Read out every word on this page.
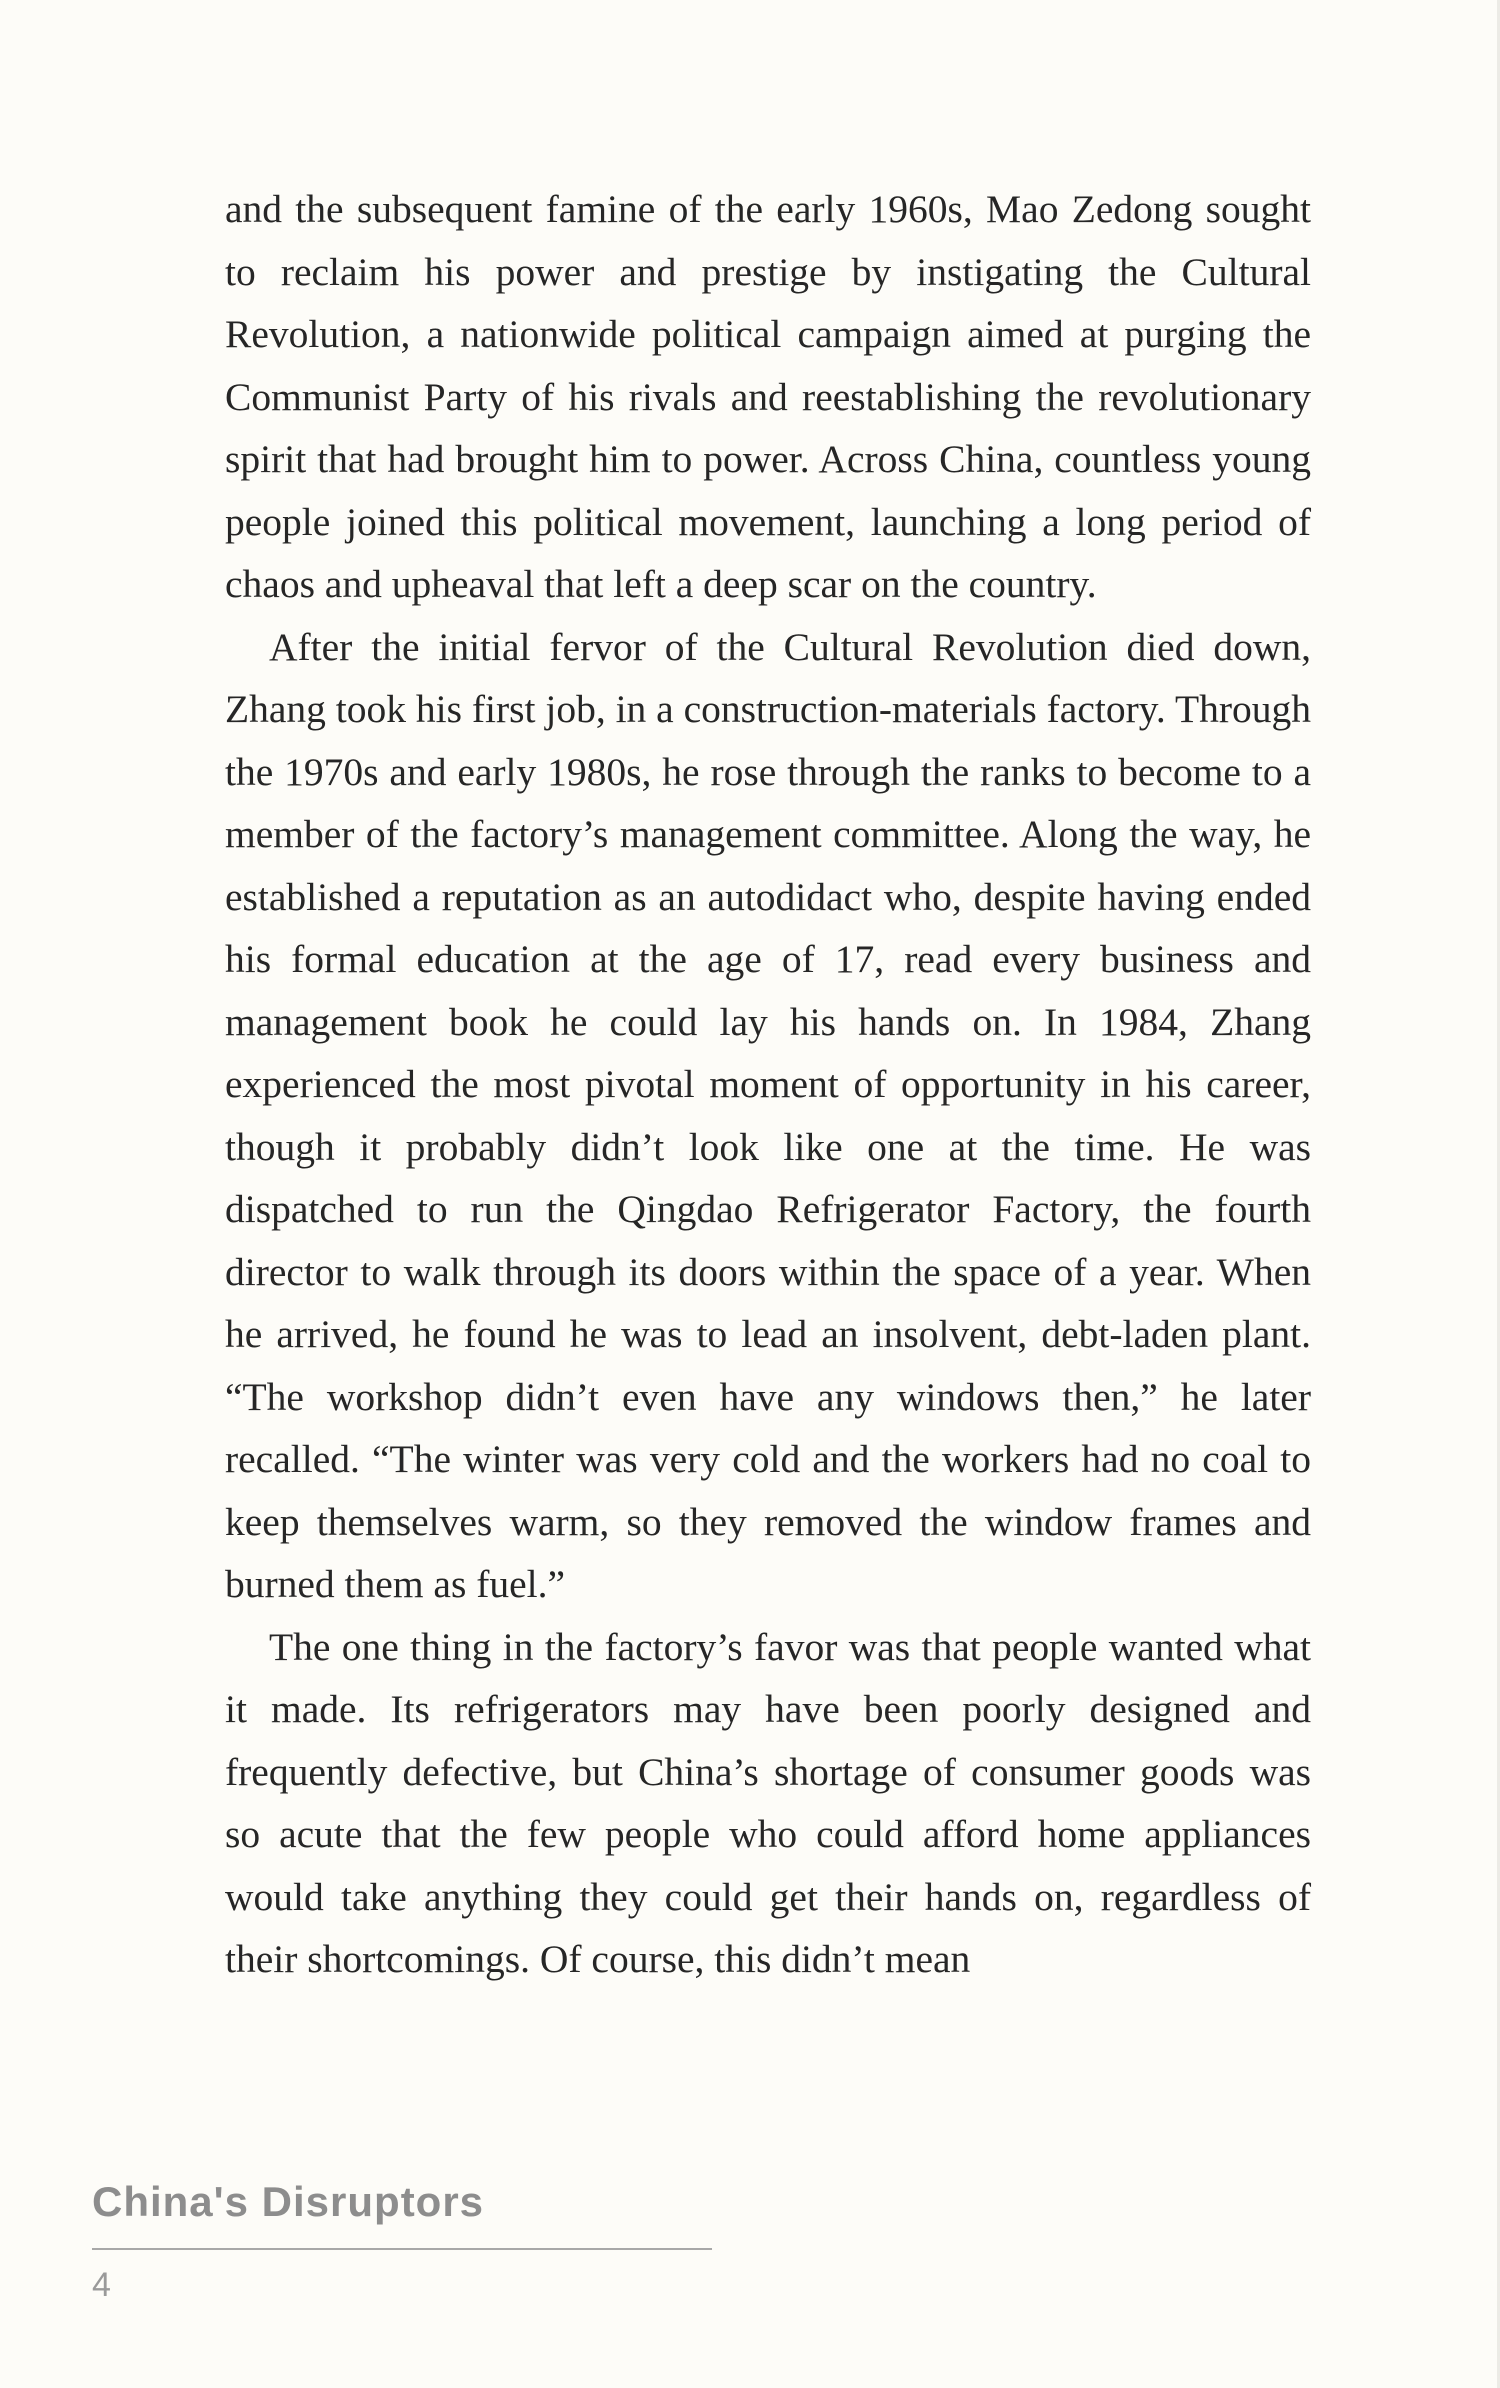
and the subsequent famine of the early 1960s, Mao Zedong sought to reclaim his power and prestige by instigating the Cultural Revolution, a nationwide political campaign aimed at purging the Communist Party of his rivals and reestablishing the revolutionary spirit that had brought him to power. Across China, countless young people joined this political movement, launching a long period of chaos and upheaval that left a deep scar on the country.

After the initial fervor of the Cultural Revolution died down, Zhang took his first job, in a construction-materials factory. Through the 1970s and early 1980s, he rose through the ranks to become to a member of the factory’s management committee. Along the way, he established a reputation as an autodidact who, despite having ended his formal education at the age of 17, read every business and management book he could lay his hands on. In 1984, Zhang experienced the most pivotal moment of opportunity in his career, though it probably didn’t look like one at the time. He was dispatched to run the Qingdao Refrigerator Factory, the fourth director to walk through its doors within the space of a year. When he arrived, he found he was to lead an insolvent, debt-laden plant. “The workshop didn’t even have any windows then,” he later recalled. “The winter was very cold and the workers had no coal to keep themselves warm, so they removed the window frames and burned them as fuel.”

The one thing in the factory’s favor was that people wanted what it made. Its refrigerators may have been poorly designed and frequently defective, but China’s shortage of consumer goods was so acute that the few people who could afford home appliances would take anything they could get their hands on, regardless of their shortcomings. Of course, this didn’t mean

China's Disruptors
4
